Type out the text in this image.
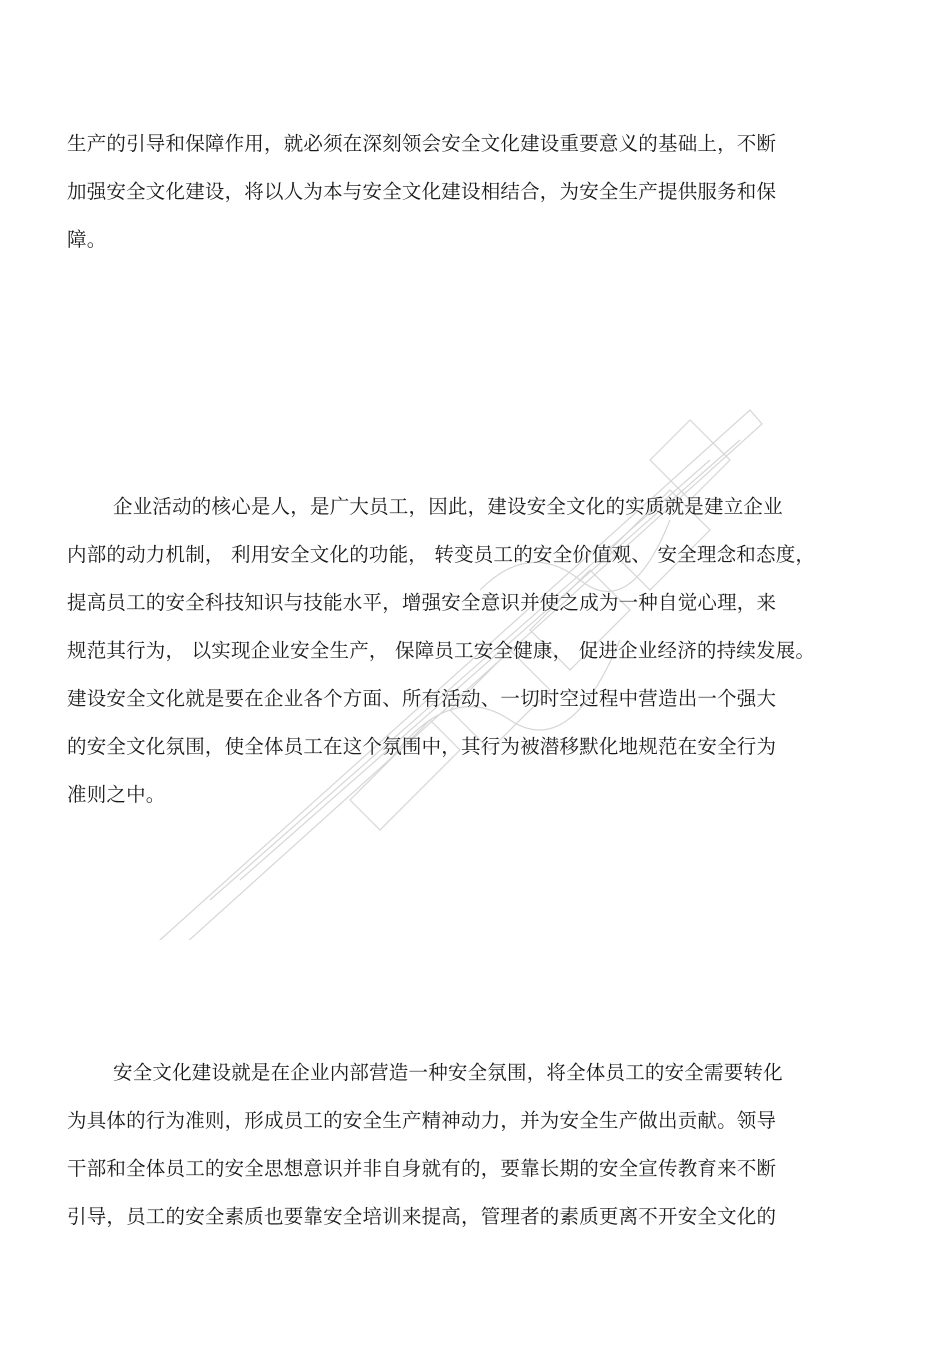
生产的引导和保障作用，就必须在深刻领会安全文化建设重要意义的基础上，不断
加强安全文化建设，将以人为本与安全文化建设相结合，为安全生产提供服务和保
障。
企业活动的核心是人，是广大员工，因此，建设安全文化的实质就是建立企业
内部的动力机制， 利用安全文化的功能， 转变员工的安全价值观、 安全理念和态度，
提高员工的安全科技知识与技能水平，增强安全意识并使之成为一种自觉心理，来
规范其行为， 以实现企业安全生产， 保障员工安全健康， 促进企业经济的持续发展。
建设安全文化就是要在企业各个方面、所有活动、一切时空过程中营造出一个强大
的安全文化氛围，使全体员工在这个氛围中，其行为被潜移默化地规范在安全行为
准则之中。
安全文化建设就是在企业内部营造一种安全氛围，将全体员工的安全需要转化
为具体的行为准则，形成员工的安全生产精神动力，并为安全生产做出贡献。领导
干部和全体员工的安全思想意识并非自身就有的，要靠长期的安全宣传教育来不断
引导，员工的安全素质也要靠安全培训来提高，管理者的素质更离不开安全文化的
